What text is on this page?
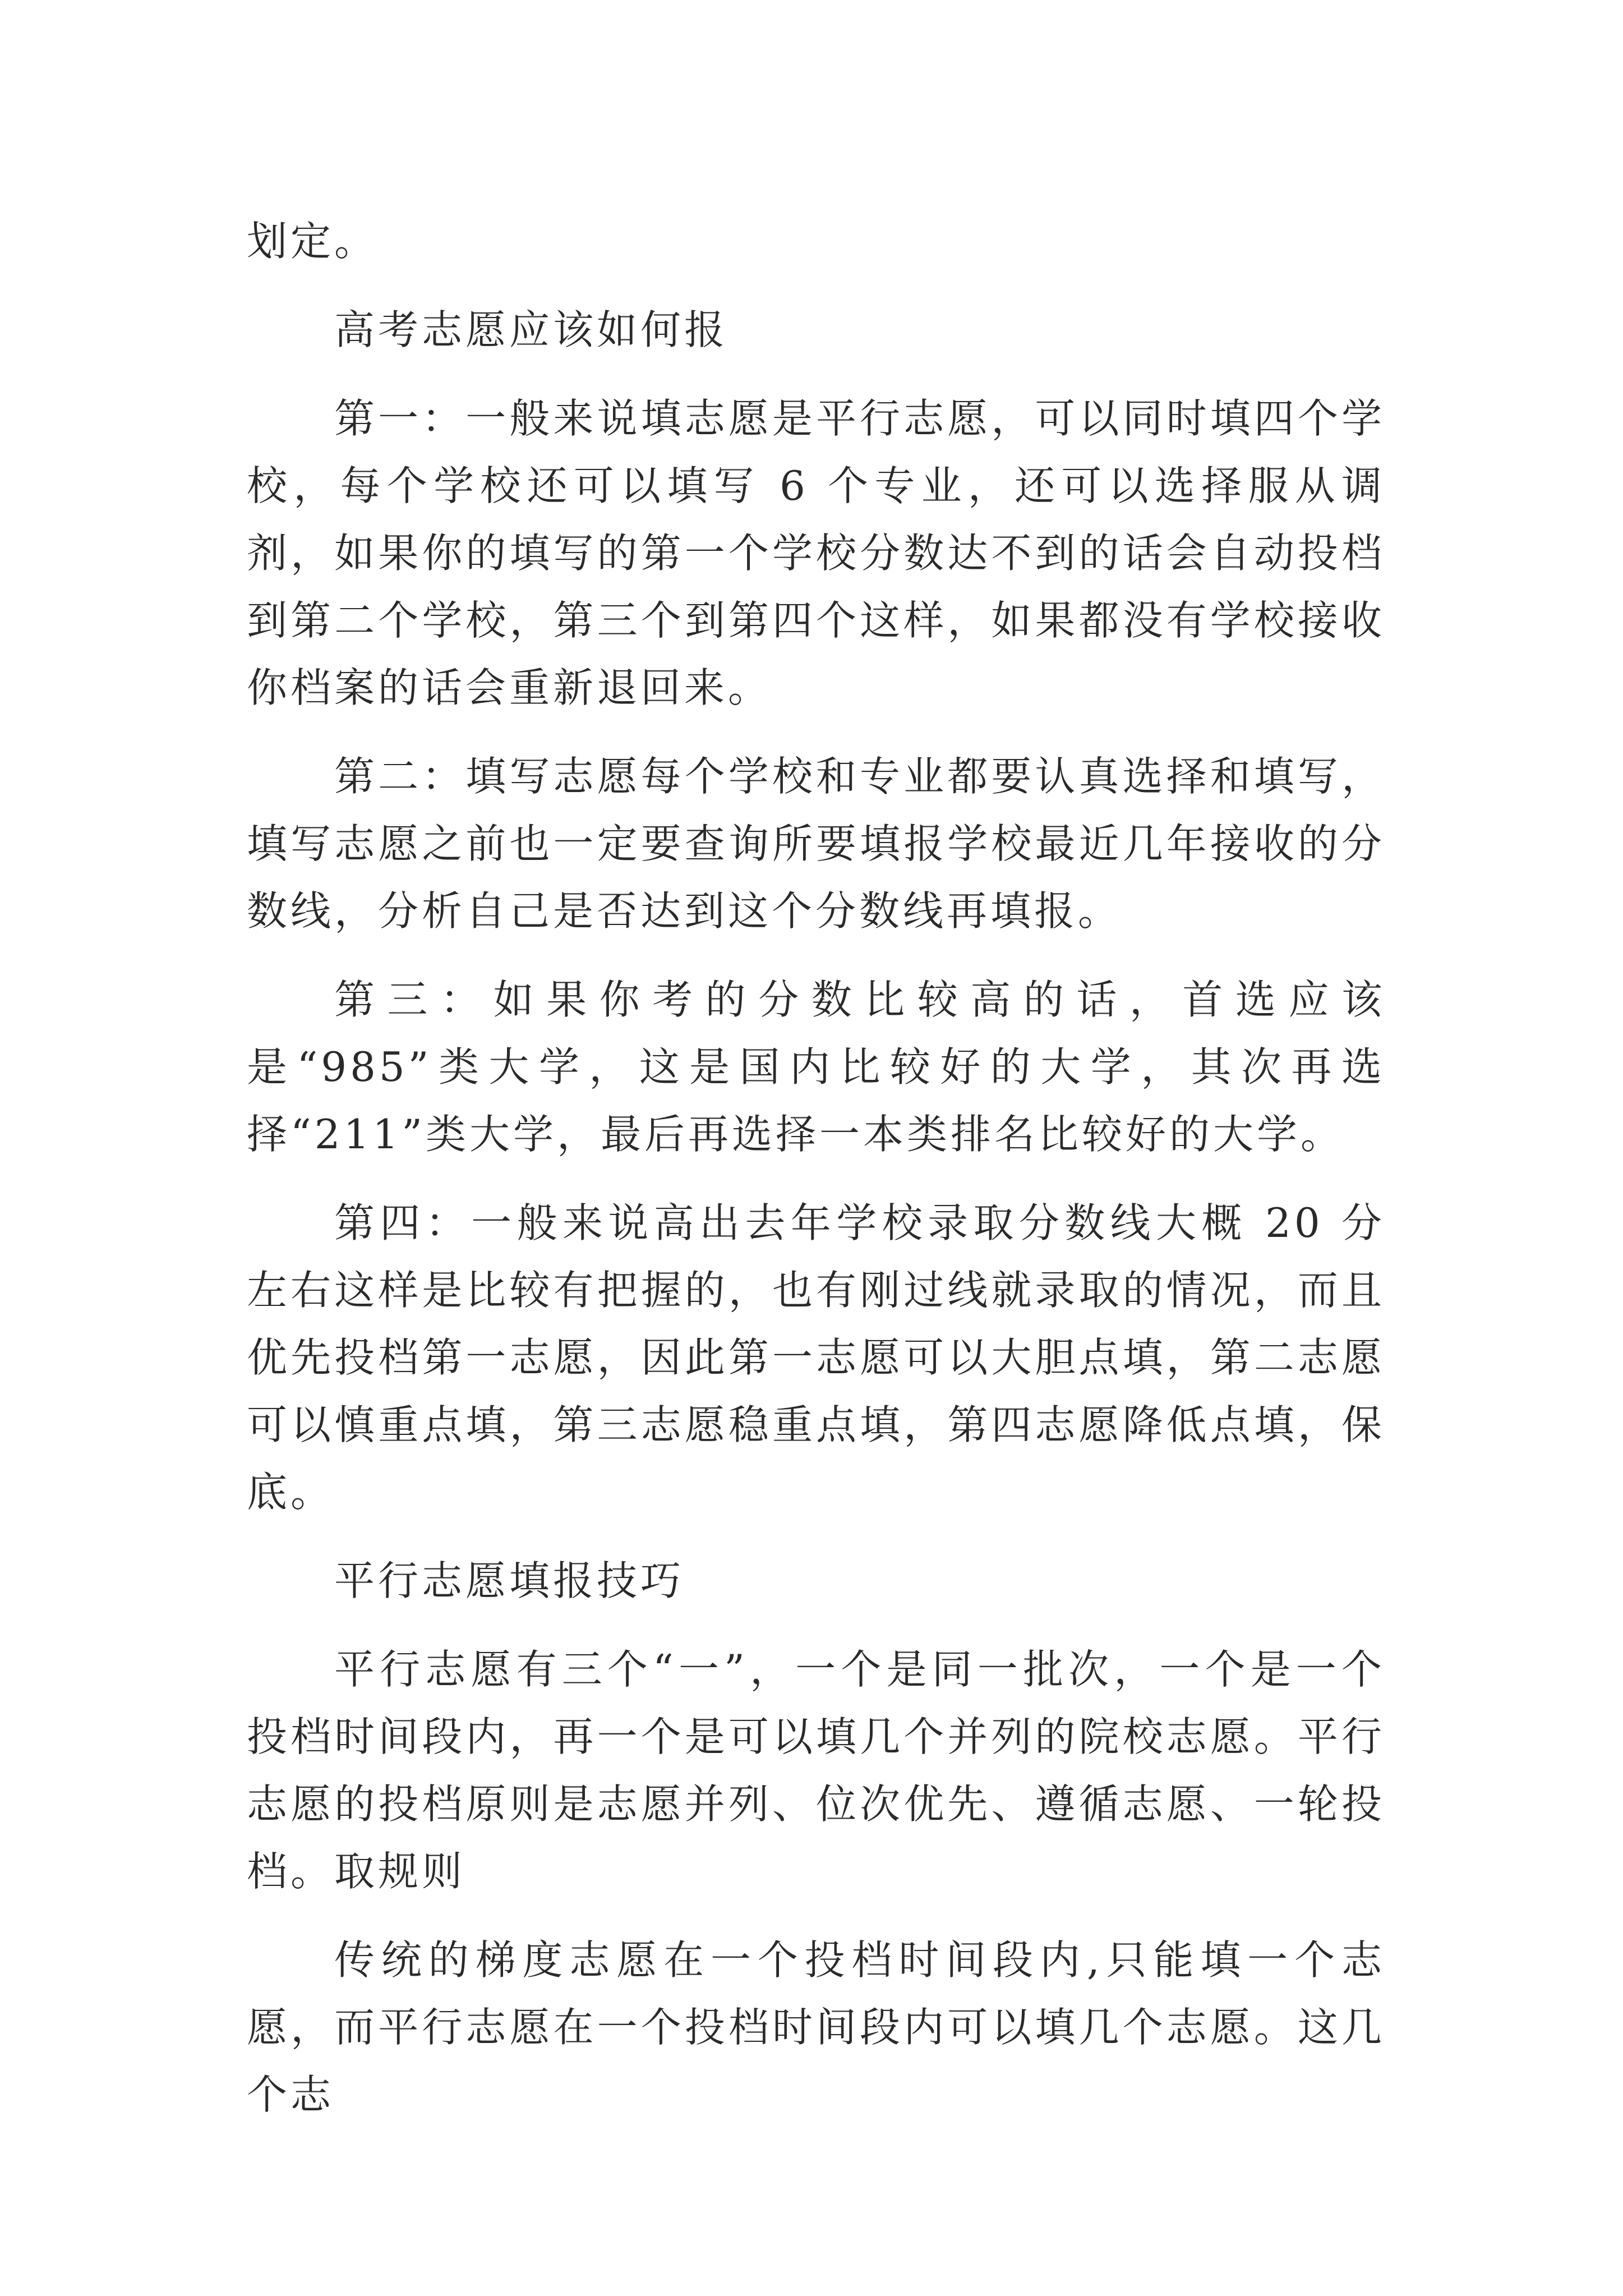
划定。

高考志愿应该如何报

第一：一般来说填志愿是平行志愿，可以同时填四个学校，每个学校还可以填写 6 个专业，还可以选择服从调剂，如果你的填写的第一个学校分数达不到的话会自动投档到第二个学校，第三个到第四个这样，如果都没有学校接收你档案的话会重新退回来。

第二：填写志愿每个学校和专业都要认真选择和填写，填写志愿之前也一定要查询所要填报学校最近几年接收的分数线，分析自己是否达到这个分数线再填报。

第三：如果你考的分数比较高的话，首选应该是“985”类大学，这是国内比较好的大学，其次再选择“211”类大学，最后再选择一本类排名比较好的大学。

第四：一般来说高出去年学校录取分数线大概 20 分左右这样是比较有把握的，也有刚过线就录取的情况，而且优先投档第一志愿，因此第一志愿可以大胆点填，第二志愿可以慎重点填，第三志愿稳重点填，第四志愿降低点填，保底。

平行志愿填报技巧

平行志愿有三个“一”，一个是同一批次，一个是一个投档时间段内，再一个是可以填几个并列的院校志愿。平行志愿的投档原则是志愿并列、位次优先、遵循志愿、一轮投档。取规则

传统的梯度志愿在一个投档时间段内,只能填一个志愿，而平行志愿在一个投档时间段内可以填几个志愿。这几个志
